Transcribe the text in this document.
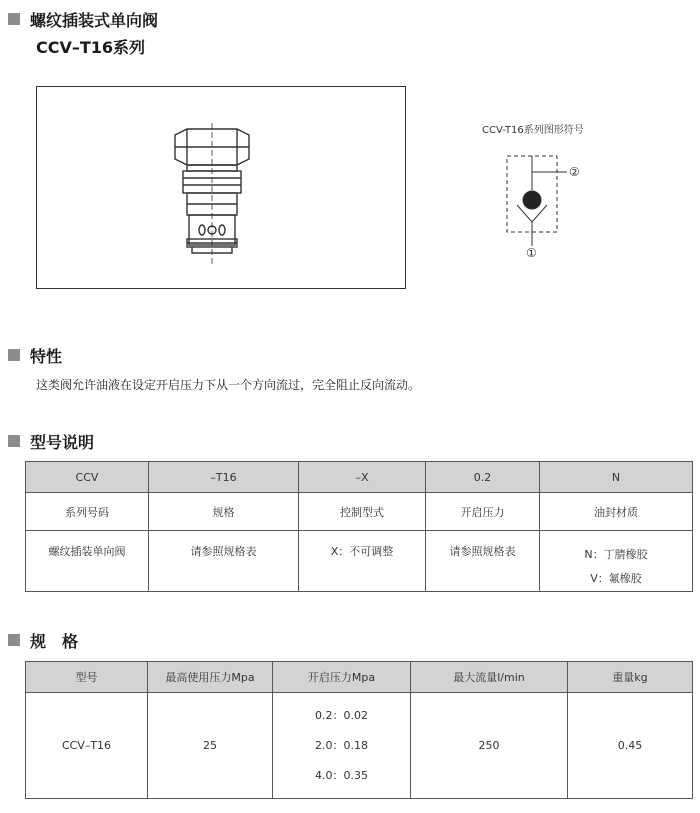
螺纹插装式单向阀
CCV–T16系列
CCV-T16系列图形符号
②
①
特性
这类阀允许油液在设定开启压力下从一个方向流过，完全阻止反向流动。
型号说明
CCV	–T16	–X	0.2	N
系列号码	规格	控制型式	开启压力	油封材质
螺纹插装单向阀	请参照规格表	X：不可调整	请参照规格表	N：丁腈橡胶
V：氟橡胶
规　格
型号	最高使用压力Mpa	开启压力Mpa	最大流量l/min	重量kg
CCV–T16	25	0.2：0.02
2.0：0.18
4.0：0.35	250	0.45
